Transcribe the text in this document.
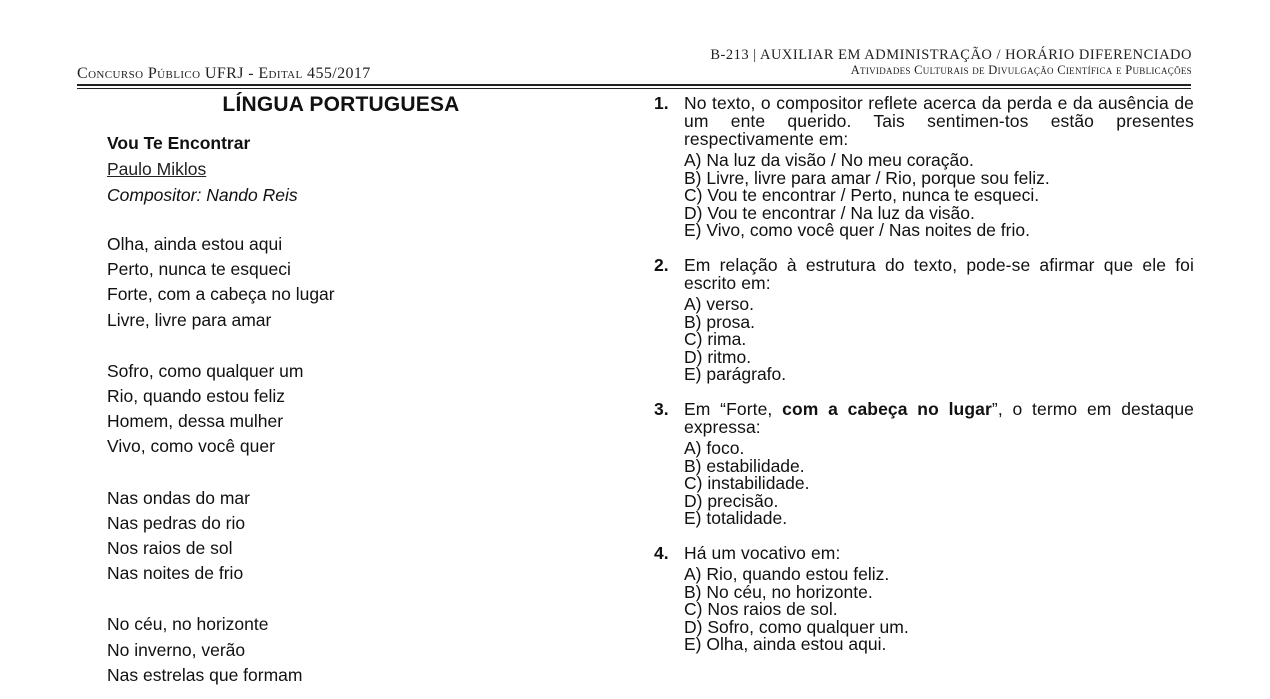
Concurso Público UFRJ - Edital 455/2017
B-213 | AUXILIAR EM ADMINISTRAÇÃO / HORÁRIO DIFERENCIADO
Atividades Culturais de Divulgação Científica e Publicações
LÍNGUA PORTUGUESA
Vou Te Encontrar
Paulo Miklos
Compositor: Nando Reis
Olha, ainda estou aqui
Perto, nunca te esqueci
Forte, com a cabeça no lugar
Livre, livre para amar
Sofro, como qualquer um
Rio, quando estou feliz
Homem, dessa mulher
Vivo, como você quer
Nas ondas do mar
Nas pedras do rio
Nos raios de sol
Nas noites de frio
No céu, no horizonte
No inverno, verão
Nas estrelas que formam
1. No texto, o compositor reflete acerca da perda e da ausência de um ente querido. Tais sentimen-tos estão presentes respectivamente em:
A) Na luz da visão / No meu coração.
B) Livre, livre para amar / Rio, porque sou feliz.
C) Vou te encontrar / Perto, nunca te esqueci.
D) Vou te encontrar / Na luz da visão.
E) Vivo, como você quer / Nas noites de frio.
2. Em relação à estrutura do texto, pode-se afirmar que ele foi escrito em:
A) verso.
B) prosa.
C) rima.
D) ritmo.
E) parágrafo.
3. Em “Forte, com a cabeça no lugar”, o termo em destaque expressa:
A) foco.
B) estabilidade.
C) instabilidade.
D) precisão.
E) totalidade.
4. Há um vocativo em:
A) Rio, quando estou feliz.
B) No céu, no horizonte.
C) Nos raios de sol.
D) Sofro, como qualquer um.
E) Olha, ainda estou aqui.
